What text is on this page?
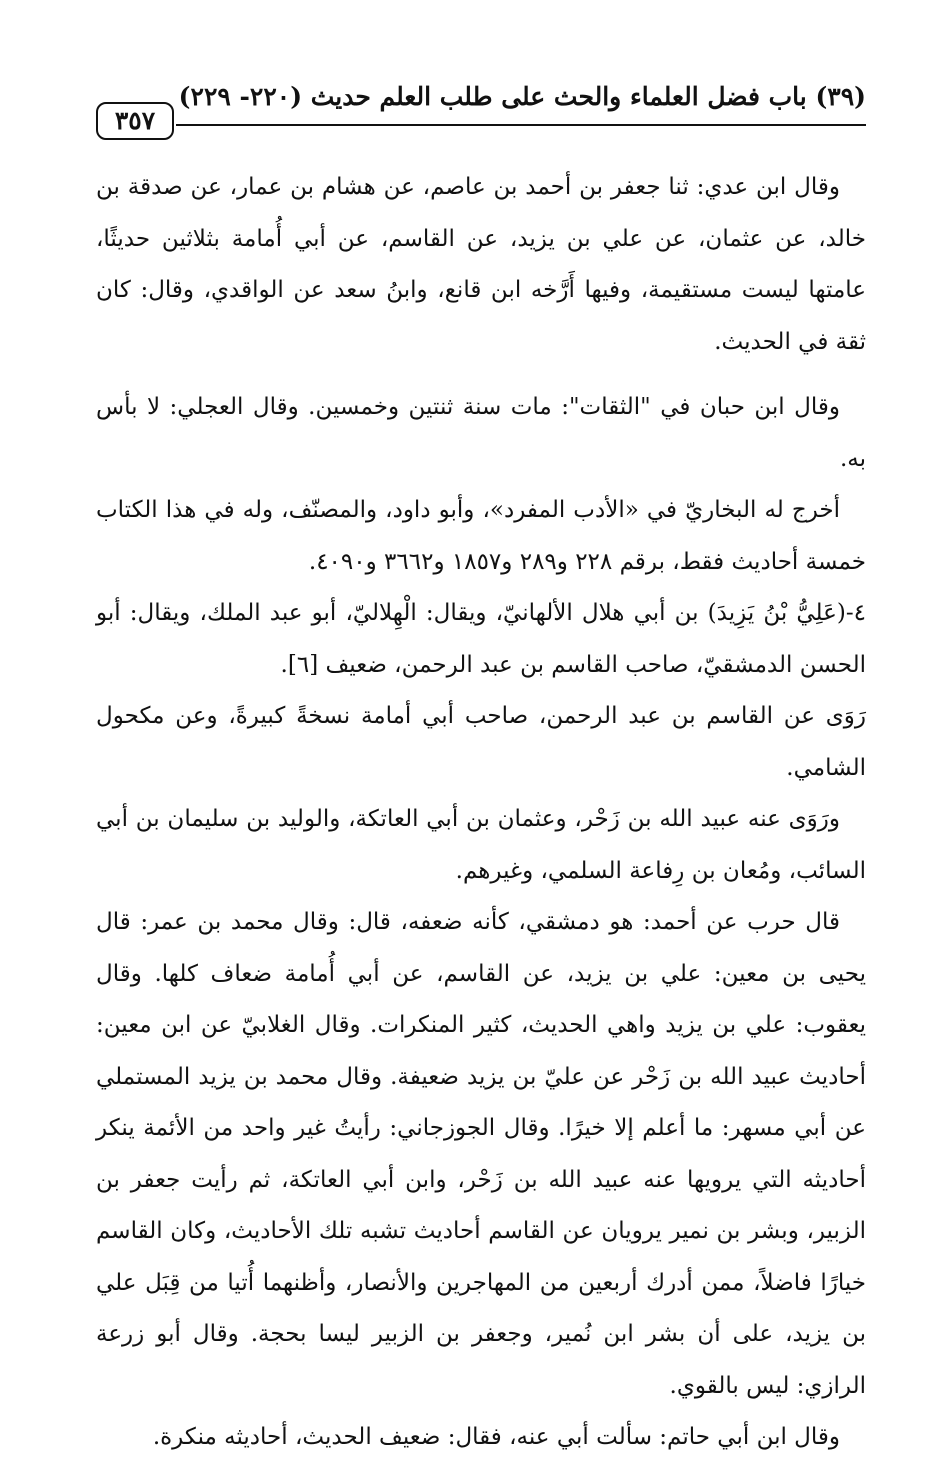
(٣٩) باب فضل العلماء والحث على طلب العلم حديث (٢٢٠- ٢٢٩)
٣٥٧

وقال ابن عدي: ثنا جعفر بن أحمد بن عاصم، عن هشام بن عمار، عن صدقة بن خالد، عن عثمان، عن علي بن يزيد، عن القاسم، عن أبي أُمامة بثلاثين حديثًا، عامتها ليست مستقيمة، وفيها أَرَّخه ابن قانع، وابنُ سعد عن الواقدي، وقال: كان ثقة في الحديث.

وقال ابن حبان في "الثقات": مات سنة ثنتين وخمسين. وقال العجلي: لا بأس به.

أخرج له البخاريّ في «الأدب المفرد»، وأبو داود، والمصنّف، وله في هذا الكتاب خمسة أحاديث فقط، برقم ٢٢٨ و٢٨٩ و١٨٥٧ و٣٦٦٢ و٤٠٩٠.

٤-(عَلِيُّ بْنُ يَزِيدَ) بن أبي هلال الألهانيّ، ويقال: الْهِلاليّ، أبو عبد الملك، ويقال: أبو الحسن الدمشقيّ، صاحب القاسم بن عبد الرحمن، ضعيف [٦].

رَوَى عن القاسم بن عبد الرحمن، صاحب أبي أمامة نسخةً كبيرةً، وعن مكحول الشامي.

ورَوَى عنه عبيد الله بن زَحْر، وعثمان بن أبي العاتكة، والوليد بن سليمان بن أبي السائب، ومُعان بن رِفاعة السلمي، وغيرهم.

قال حرب عن أحمد: هو دمشقي، كأنه ضعفه، قال: وقال محمد بن عمر: قال يحيى بن معين: علي بن يزيد، عن القاسم، عن أبي أُمامة ضعاف كلها. وقال يعقوب: علي بن يزيد واهي الحديث، كثير المنكرات. وقال الغلابيّ عن ابن معين: أحاديث عبيد الله بن زَحْر عن عليّ بن يزيد ضعيفة. وقال محمد بن يزيد المستملي عن أبي مسهر: ما أعلم إلا خيرًا. وقال الجوزجاني: رأيتُ غير واحد من الأئمة ينكر أحاديثه التي يرويها عنه عبيد الله بن زَحْر، وابن أبي العاتكة، ثم رأيت جعفر بن الزبير، وبشر بن نمير يرويان عن القاسم أحاديث تشبه تلك الأحاديث، وكان القاسم خيارًا فاضلاً، ممن أدرك أربعين من المهاجرين والأنصار، وأظنهما أُتيا من قِبَل علي بن يزيد، على أن بشر ابن نُمير، وجعفر بن الزبير ليسا بحجة. وقال أبو زرعة الرازي: ليس بالقوي.

وقال ابن أبي حاتم: سألت أبي عنه، فقال: ضعيف الحديث، أحاديثه منكرة.
